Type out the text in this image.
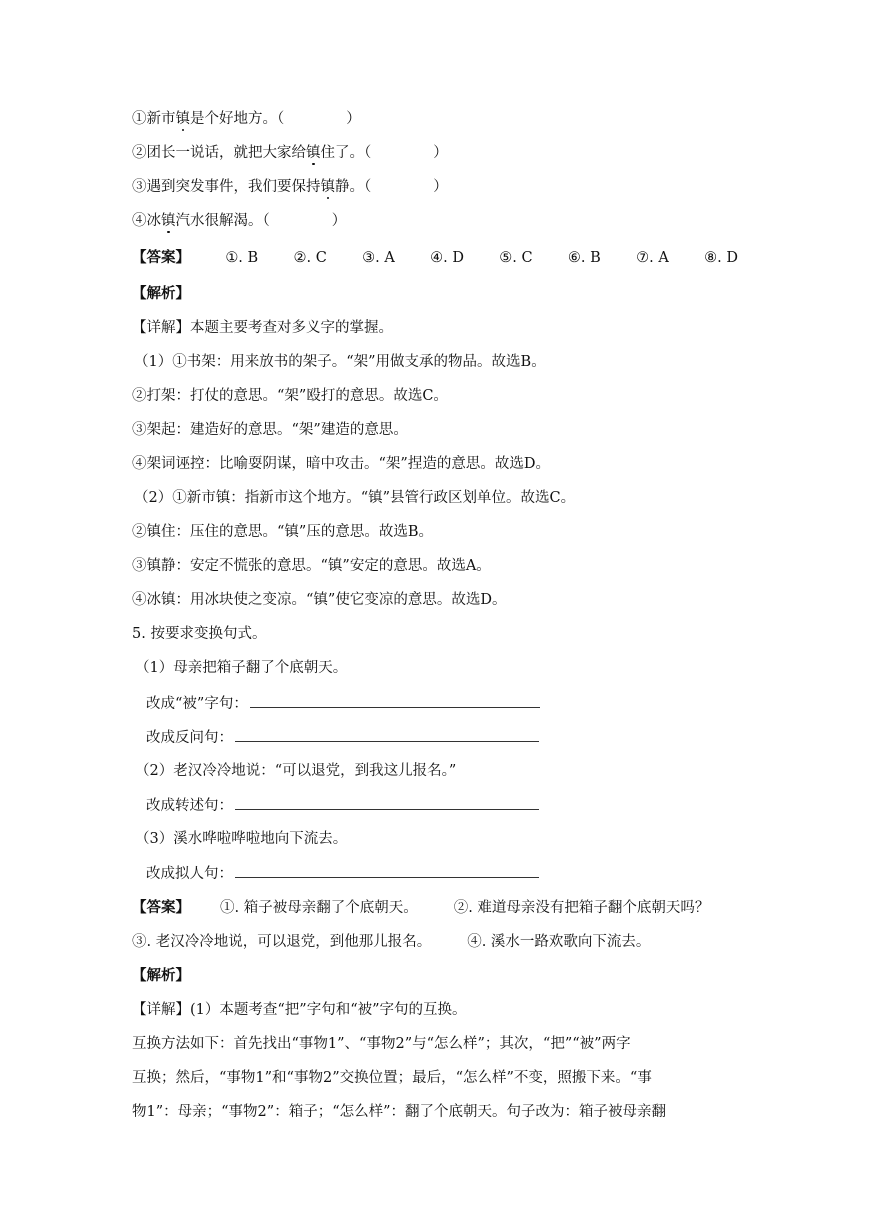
①新市镇是个好地方。（	）
②团长一说话，就把大家给镇住了。（	）
③遇到突发事件，我们要保持镇静。（	）
④冰镇汽水很解渴。（	）
【答案】 ①. B ②. C ③. A ④. D ⑤. C ⑥. B ⑦. A ⑧. D
【解析】
【详解】本题主要考查对多义字的掌握。
（1）①书架：用来放书的架子。“架”用做支承的物品。故选B。
②打架：打仗的意思。“架”殴打的意思。故选C。
③架起：建造好的意思。“架”建造的意思。
④架词诬控：比喻耍阴谋，暗中攻击。“架”捏造的意思。故选D。
（2）①新市镇：指新市这个地方。“镇”县管行政区划单位。故选C。
②镇住：压住的意思。“镇”压的意思。故选B。
③镇静：安定不慌张的意思。“镇”安定的意思。故选A。
④冰镇：用冰块使之变凉。“镇”使它变凉的意思。故选D。
5. 按要求变换句式。
（1）母亲把箱子翻了个底朝天。
改成“被”字句：
改成反问句：
（2）老汉冷冷地说：“可以退党，到我这儿报名。”
改成转述句：
（3）溪水哗啦哗啦地向下流去。
改成拟人句：
【答案】 ①. 箱子被母亲翻了个底朝天。 ②. 难道母亲没有把箱子翻个底朝天吗？
③. 老汉冷冷地说，可以退党，到他那儿报名。 ④. 溪水一路欢歌向下流去。
【解析】
【详解】(1）本题考查“把”字句和“被”字句的互换。
互换方法如下：首先找出“事物1”、“事物2”与“怎么样”；其次，“把”“被”两字
互换；然后，“事物1”和“事物2”交换位置；最后，“怎么样”不变，照搬下来。“事
物1”：母亲；“事物2”：箱子；“怎么样”：翻了个底朝天。句子改为：箱子被母亲翻
